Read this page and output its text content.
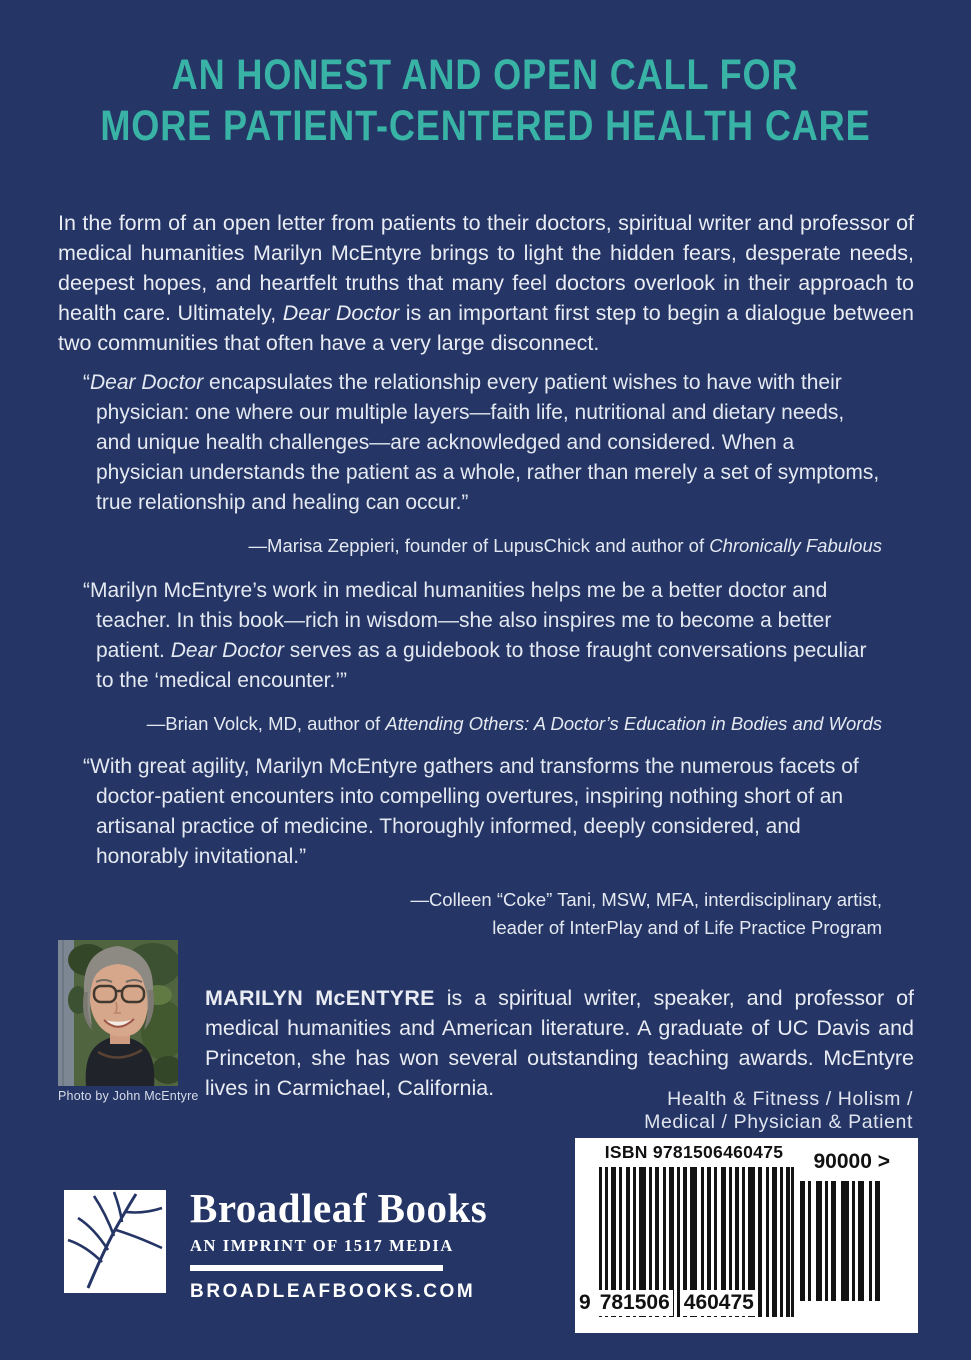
AN HONEST AND OPEN CALL FOR
MORE PATIENT-CENTERED HEALTH CARE

In the form of an open letter from patients to their doctors, spiritual writer and professor of medical humanities Marilyn McEntyre brings to light the hidden fears, desperate needs, deepest hopes, and heartfelt truths that many feel doctors overlook in their approach to health care. Ultimately, Dear Doctor is an important first step to begin a dialogue between two communities that often have a very large disconnect.

“Dear Doctor encapsulates the relationship every patient wishes to have with their physician: one where our multiple layers—faith life, nutritional and dietary needs, and unique health challenges—are acknowledged and considered. When a physician understands the patient as a whole, rather than merely a set of symptoms, true relationship and healing can occur.”
—Marisa Zeppieri, founder of LupusChick and author of Chronically Fabulous
“Marilyn McEntyre’s work in medical humanities helps me be a better doctor and teacher. In this book—rich in wisdom—she also inspires me to become a better patient. Dear Doctor serves as a guidebook to those fraught conversations peculiar to the ‘medical encounter.’”
—Brian Volck, MD, author of Attending Others: A Doctor’s Education in Bodies and Words
“With great agility, Marilyn McEntyre gathers and transforms the numerous facets of doctor-patient encounters into compelling overtures, inspiring nothing short of an artisanal practice of medicine. Thoroughly informed, deeply considered, and honorably invitational.”
—Colleen “Coke” Tani, MSW, MFA, interdisciplinary artist,
leader of InterPlay and of Life Practice Program
Photo by John McEntyre

MARILYN McENTYRE is a spiritual writer, speaker, and professor of medical humanities and American literature. A graduate of UC Davis and Princeton, she has won several outstanding teaching awards. McEntyre lives in Carmichael, California.	Health & Fitness / Holism /
Medical / Physician & Patient
Broadleaf Books
AN IMPRINT OF 1517 MEDIA
BROADLEAFBOOKS.COM
ISBN 9781506460475
9 781506 460475
90000 >
